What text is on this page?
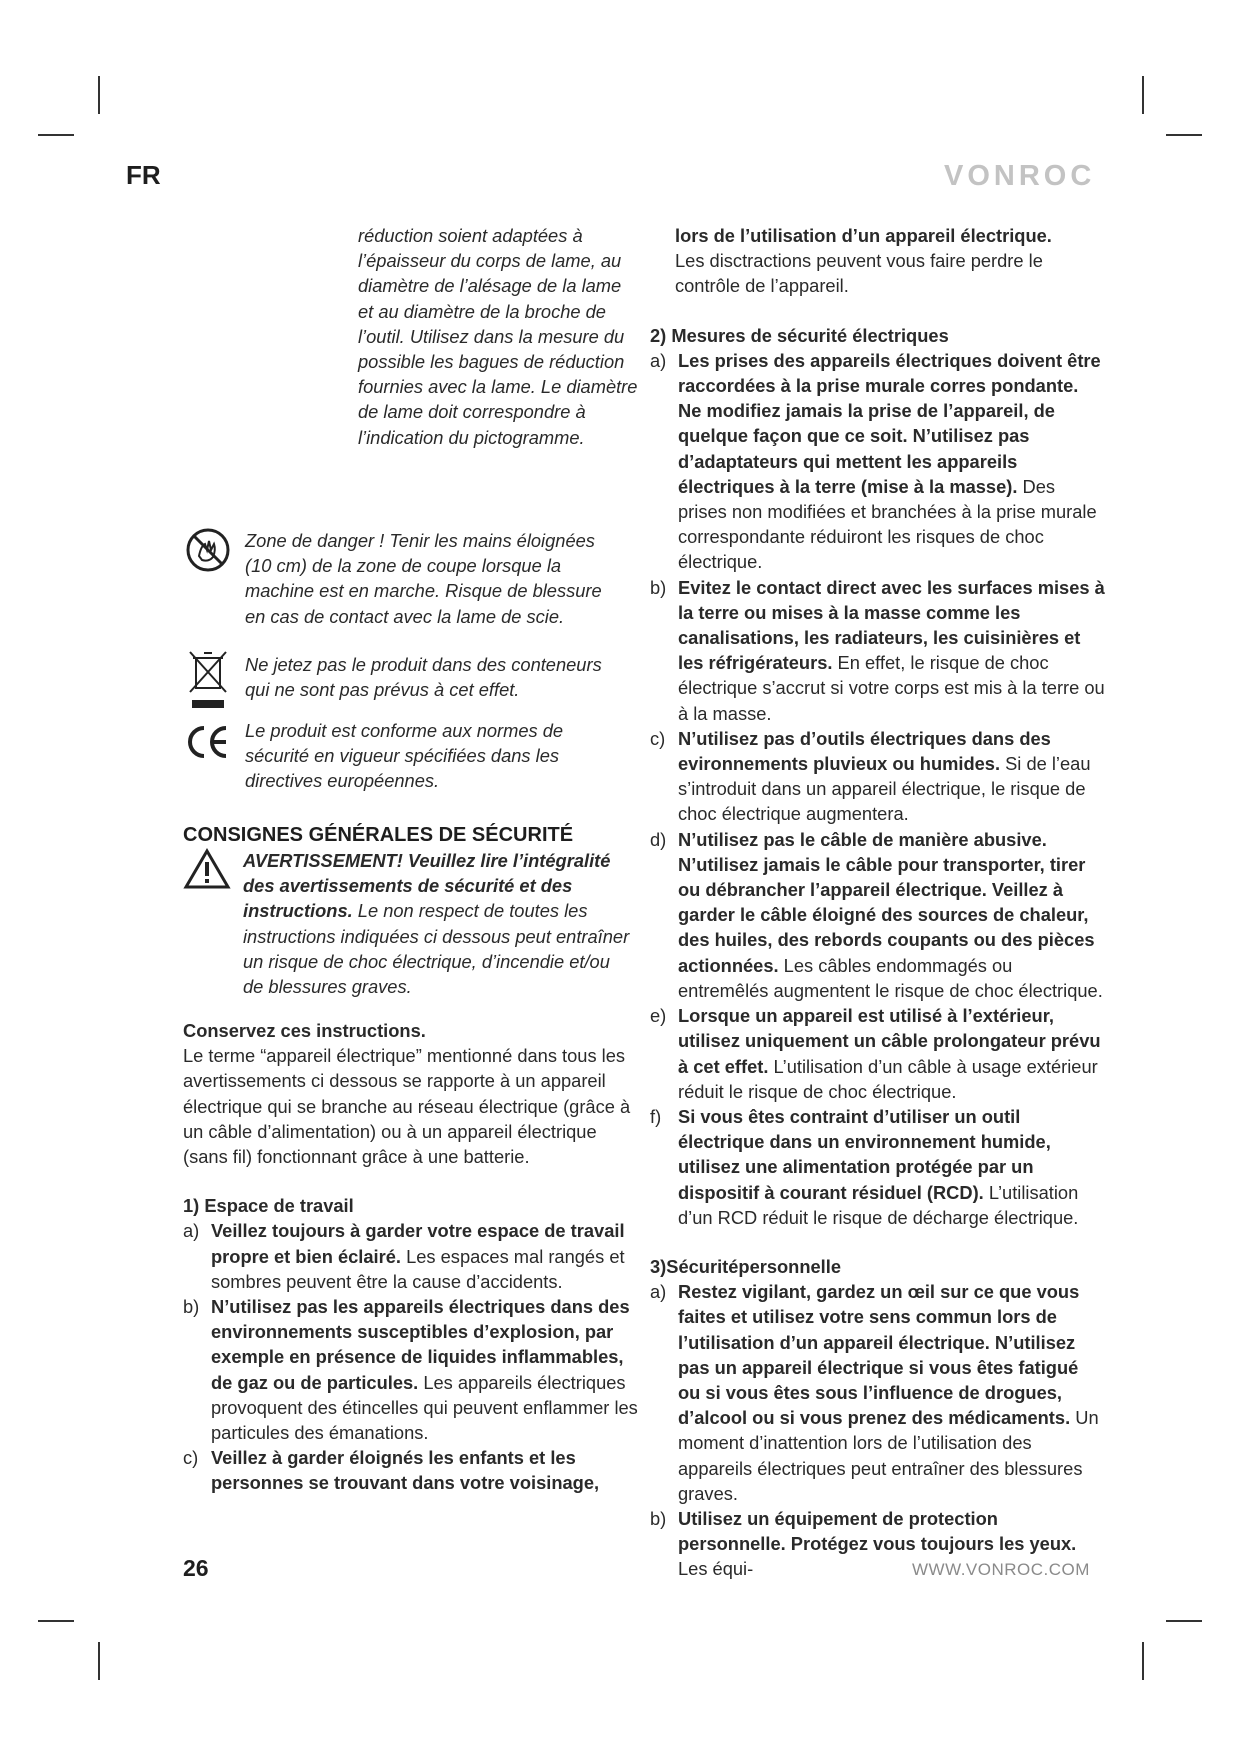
FR	VONROC
réduction soient adaptées à l’épaisseur du corps de lame, au diamètre de l’alésage de la lame et au diamètre de la broche de l’outil. Utilisez dans la mesure du possible les bagues de réduction fournies avec la lame. Le diamètre de lame doit correspondre à l’indication du pictogramme.
Zone de danger ! Tenir les mains éloignées (10 cm) de la zone de coupe lorsque la machine est en marche. Risque de blessure en cas de contact avec la lame de scie.
Ne jetez pas le produit dans des conteneurs qui ne sont pas prévus à cet effet.
Le produit est conforme aux normes de sécurité en vigueur spécifiées dans les directives européennes.
CONSIGNES GÉNÉRALES DE SÉCURITÉ
AVERTISSEMENT! Veuillez lire l’intégralité des avertissements de sécurité et des instructions. Le non respect de toutes les instructions indiquées ci dessous peut entraîner un risque de choc électrique, d’incendie et/ou de blessures graves.
Conservez ces instructions.
Le terme “appareil électrique” mentionné dans tous les avertissements ci dessous se rapporte à un appareil électrique qui se branche au réseau électrique (grâce à un câble d’alimentation) ou à un appareil électrique (sans fil) fonctionnant grâce à une batterie.
1) Espace de travail
a) Veillez toujours à garder votre espace de travail propre et bien éclairé. Les espaces mal rangés et sombres peuvent être la cause d’accidents.
b) N’utilisez pas les appareils électriques dans des environnements susceptibles d’explosion, par exemple en présence de liquides inflammables, de gaz ou de particules. Les appareils électriques provoquent des étincelles qui peuvent enflammer les particules des émanations.
c) Veillez à garder éloignés les enfants et les personnes se trouvant dans votre voisinage,
lors de l’utilisation d’un appareil électrique.
Les disctractions peuvent vous faire perdre le contrôle de l’appareil.
2) Mesures de sécurité électriques
a) Les prises des appareils électriques doivent être raccordées à la prise murale corres pondante. Ne modifiez jamais la prise de l’appareil, de quelque façon que ce soit. N’utilisez pas d’adaptateurs qui mettent les appareils électriques à la terre (mise à la masse). Des prises non modifiées et branchées à la prise murale correspondante réduiront les risques de choc électrique.
b) Evitez le contact direct avec les surfaces mises à la terre ou mises à la masse comme les canalisations, les radiateurs, les cuisinières et les réfrigérateurs. En effet, le risque de choc électrique s’accrut si votre corps est mis à la terre ou à la masse.
c) N’utilisez pas d’outils électriques dans des evironnements pluvieux ou humides. Si de l’eau s’introduit dans un appareil électrique, le risque de choc électrique augmentera.
d) N’utilisez pas le câble de manière abusive. N’utilisez jamais le câble pour transporter, tirer ou débrancher l’appareil électrique. Veillez à garder le câble éloigné des sources de chaleur, des huiles, des rebords coupants ou des pièces actionnées. Les câbles endommagés ou entremêlés augmentent le risque de choc électrique.
e) Lorsque un appareil est utilisé à l’extérieur, utilisez uniquement un câble prolongateur prévu à cet effet. L’utilisation d’un câble à usage extérieur réduit le risque de choc électrique.
f) Si vous êtes contraint d’utiliser un outil électrique dans un environnement humide, utilisez une alimentation protégée par un dispositif à courant résiduel (RCD). L’utilisation d’un RCD réduit le risque de décharge électrique.
3)Sécuritépersonnelle
a) Restez vigilant, gardez un œil sur ce que vous faites et utilisez votre sens commun lors de l’utilisation d’un appareil électrique. N’utilisez pas un appareil électrique si vous êtes fatigué ou si vous êtes sous l’influence de drogues, d’alcool ou si vous prenez des médicaments. Un moment d’inattention lors de l’utilisation des appareils électriques peut entraîner des blessures graves.
b) Utilisez un équipement de protection personnelle. Protégez vous toujours les yeux. Les équi-
26	WWW.VONROC.COM
